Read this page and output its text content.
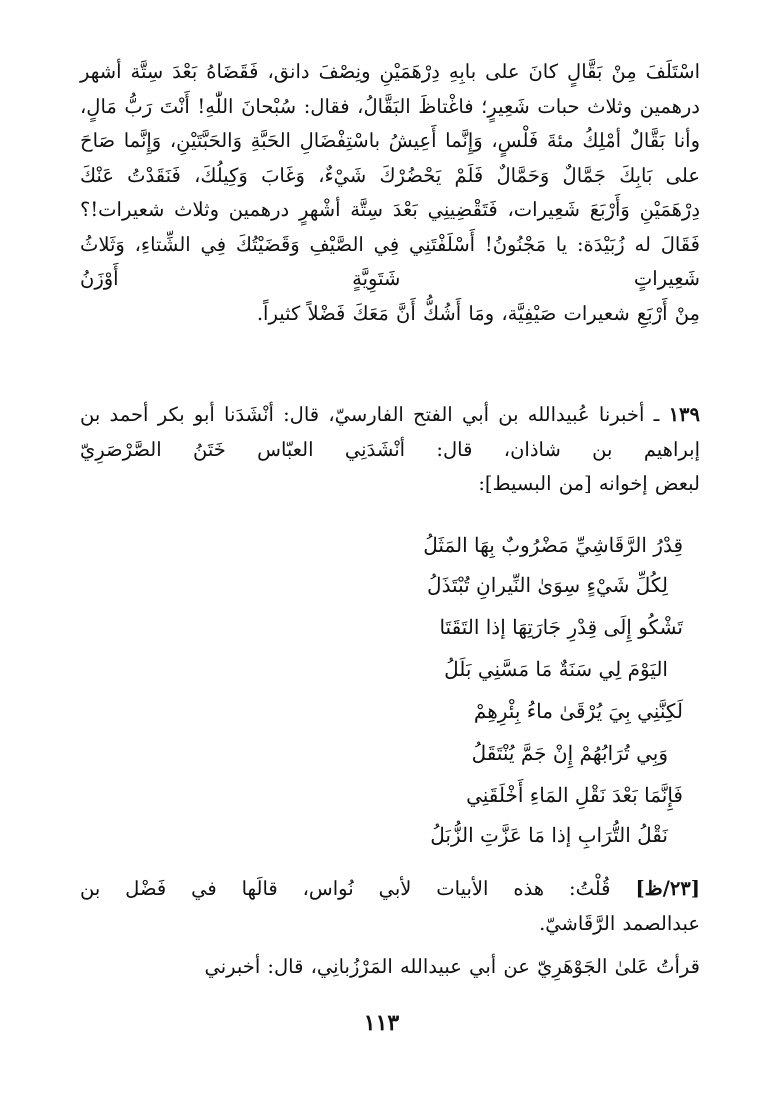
اسْتَلَفَ مِنْ بَقَّالٍ كانَ على بابِهِ دِرْهَمَيْنِ ونِصْفَ دانق، فَقَضَاهُ بَعْدَ سِتَّة أشهر درهمين وثلاث حبات شَعِيرٍ؛ فاغْتاظَ البَقَّالُ، فقال: سُبْحانَ اللّٰهِ! أَنْتَ رَبُّ مَالٍ، وأنا بَقَّالٌ أمْلِكُ مئةَ فَلْسٍ، وَإِنَّما أَعِيشُ باسْتِفْضَالِ الحَبَّةِ وَالحَبَّتَيْنِ، وَإِنَّما صَاحَ على بَابِكَ جَمَّالٌ وَحَمَّالٌ فَلَمْ يَحْضُرْكَ شَيْءٌ، وَغَابَ وَكِيلُكَ، فَنَقَدْتُ عَنْكَ دِرْهَمَيْنِ وَأَرْبَعَ شَعِيرات، فَتَقْضِينِي بَعْدَ سِتَّة أشْهرٍ درهمين وثلاث شعيرات!؟ فَقَالَ له زُبَيْدَة: يا مَجْنُونُ! أَسْلَفْتَنِي فِي الصَّيْفِ وَقَضَيْتُكَ فِي الشِّتاءِ، وَثَلاثُ شَعِيراتٍ شَتَوِيَّةٍ أَوْزَنُ
مِنْ أَرْبَعِ شعيرات صَيْفِيَّة، ومَا أَشُكُّ أَنَّ مَعَكَ فَضْلاً كثيراً.

١٣٩ ـ أخبرنا عُبيدالله بن أبي الفتح الفارسيّ، قال: أنْشَدَنا أبو بكر أحمد بن إبراهيم بن شاذان، قال: أنْشَدَنِي العبّاس خَتَنُ الصَّرْصَرِيّ
لبعض إخوانه [من البسيط]:

قِدْرُ الرَّقَاشِيِّ مَضْرُوبٌ بِهَا المَثَلُ
لِكُلِّ شَيْءٍ سِوَىٰ النِّيرانِ تُبْتَذَلُ
تَشْكُو إِلَى قِدْرِ جَارَتِهَا إذا التَقَتَا
اليَوْمَ لِي سَنَةٌ مَا مَسَّنِي بَلَلُ
لَكِنَّنِي بِيَ يُرْقَىٰ ماءُ بِئْرِهِمْ
وَبِي تُرَابُهُمْ إِنْ جَمَّ يُنْتَقَلُ
فَإِنَّمَا بَعْدَ نَقْلِ المَاءِ أَخْلَقَنِي
نَقْلُ التُّرَابِ إذا مَا عَزَّتِ الزُّبَلُ

[٢٣/ظ] قُلْتُ: هذه الأبيات لأبي نُواس، قالَها في فَضْل بن
عبدالصمد الرَّقَاشيّ.

قرأتُ عَلىٰ الجَوْهَرِيّ عن أبي عبيدالله المَرْزُبانِي، قال: أخبرني

١١٣
